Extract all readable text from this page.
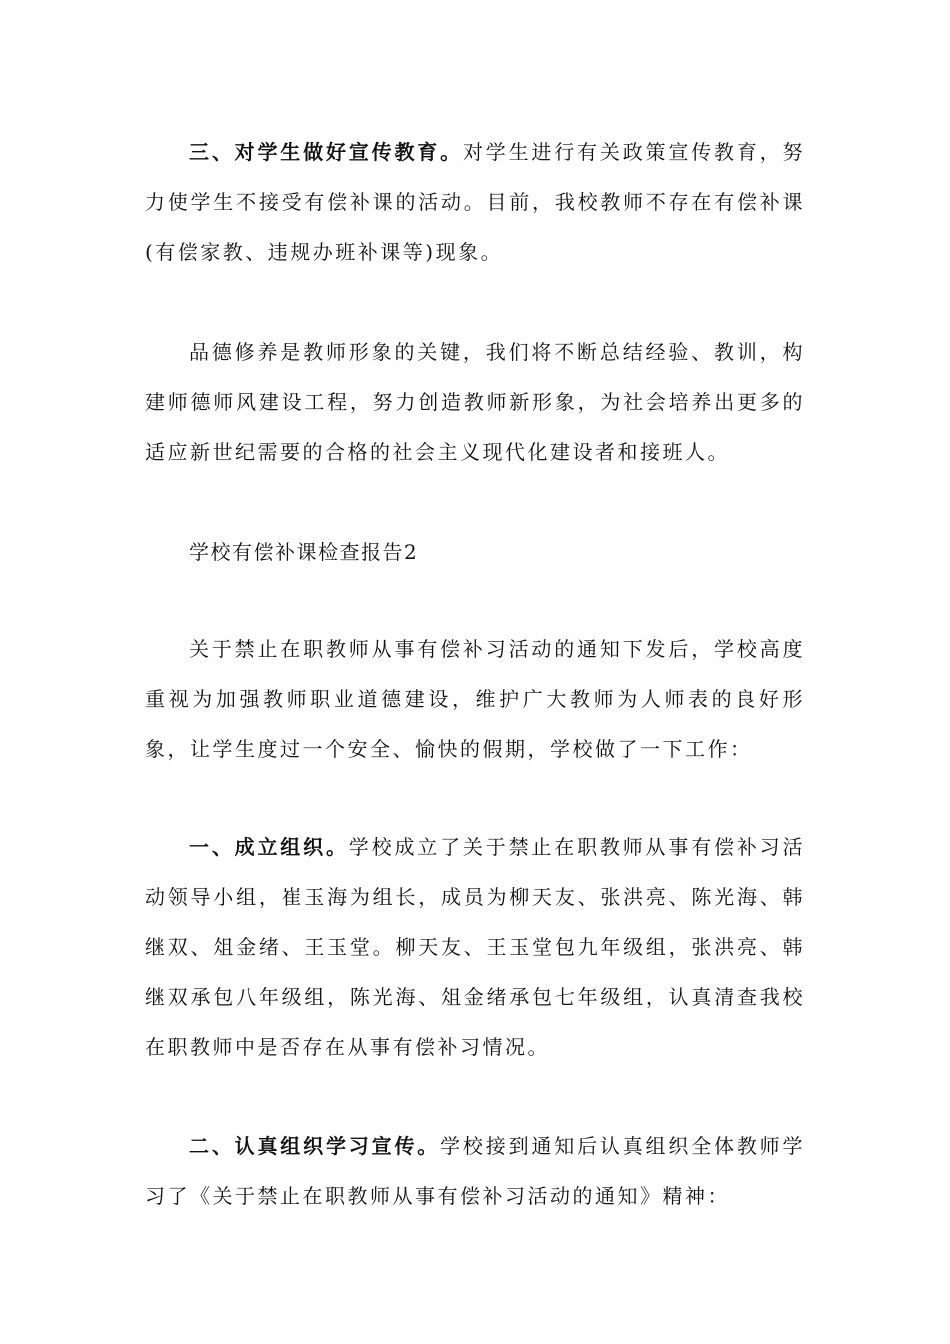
三、对学生做好宣传教育。对学生进行有关政策宣传教育，努力使学生不接受有偿补课的活动。目前，我校教师不存在有偿补课(有偿家教、违规办班补课等)现象。

品德修养是教师形象的关键，我们将不断总结经验、教训，构建师德师风建设工程，努力创造教师新形象，为社会培养出更多的适应新世纪需要的合格的社会主义现代化建设者和接班人。

学校有偿补课检查报告2

关于禁止在职教师从事有偿补习活动的通知下发后，学校高度重视为加强教师职业道德建设，维护广大教师为人师表的良好形象，让学生度过一个安全、愉快的假期，学校做了一下工作：

一、成立组织。学校成立了关于禁止在职教师从事有偿补习活动领导小组，崔玉海为组长，成员为柳天友、张洪亮、陈光海、韩继双、俎金绪、王玉堂。柳天友、王玉堂包九年级组，张洪亮、韩继双承包八年级组，陈光海、俎金绪承包七年级组，认真清查我校在职教师中是否存在从事有偿补习情况。

二、认真组织学习宣传。学校接到通知后认真组织全体教师学习了《关于禁止在职教师从事有偿补习活动的通知》精神：
